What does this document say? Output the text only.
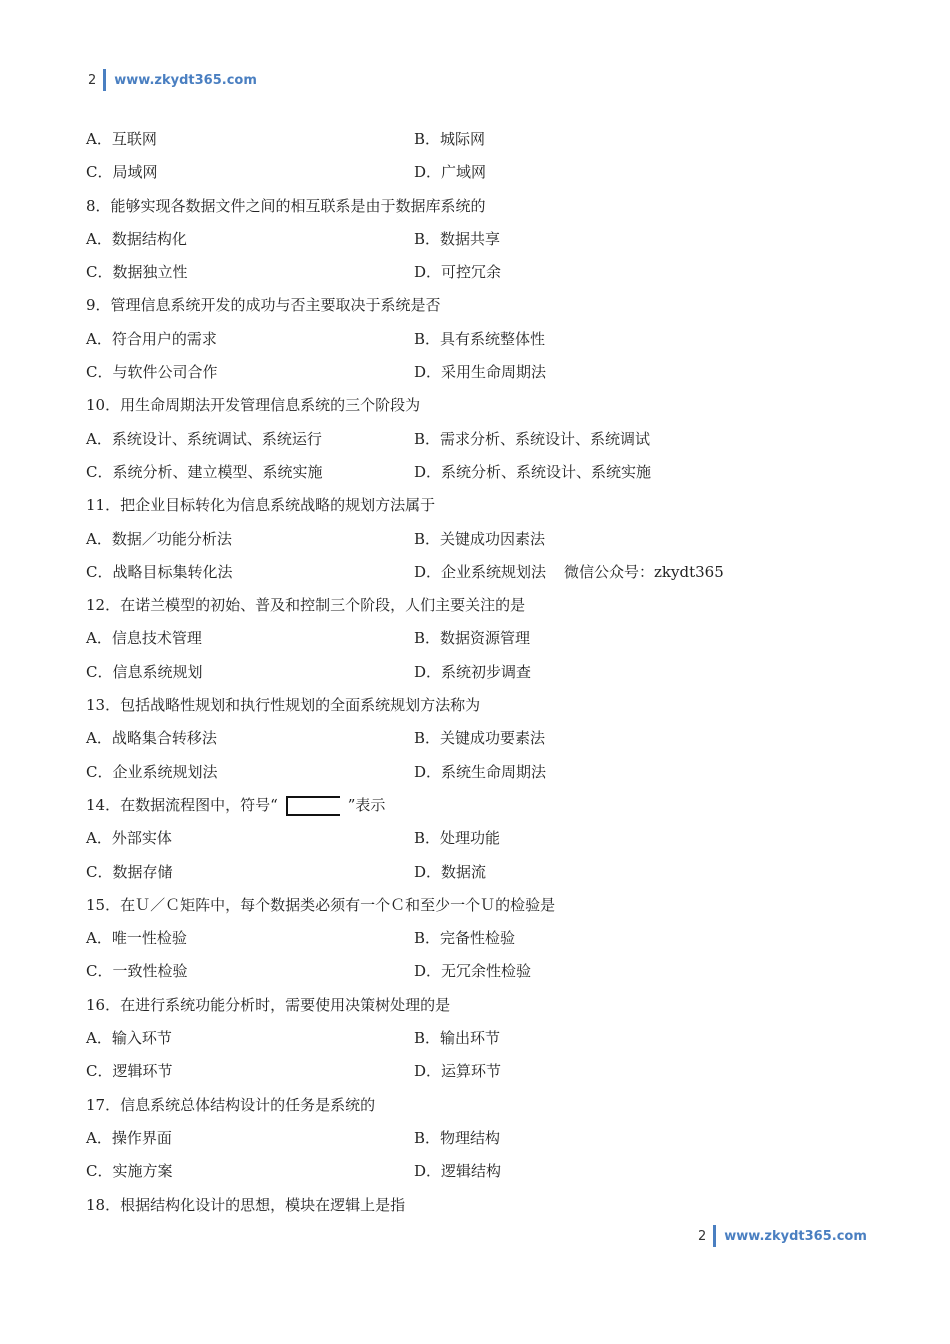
2 www.zkydt365.com
A．互联网	B．城际网
C．局域网	D．广域网
8．能够实现各数据文件之间的相互联系是由于数据库系统的
A．数据结构化	B．数据共享
C．数据独立性	D．可控冗余
9．管理信息系统开发的成功与否主要取决于系统是否
A．符合用户的需求	B．具有系统整体性
C．与软件公司合作	D．采用生命周期法
10．用生命周期法开发管理信息系统的三个阶段为
A．系统设计、系统调试、系统运行	B．需求分析、系统设计、系统调试
C．系统分析、建立模型、系统实施	D．系统分析、系统设计、系统实施
11．把企业目标转化为信息系统战略的规划方法属于
A．数据／功能分析法	B．关键成功因素法
C．战略目标集转化法	D．企业系统规划法 微信公众号：zkydt365
12．在诺兰模型的初始、普及和控制三个阶段，人们主要关注的是
A．信息技术管理	B．数据资源管理
C．信息系统规划	D．系统初步调查
13．包括战略性规划和执行性规划的全面系统规划方法称为
A．战略集合转移法	B．关键成功要素法
C．企业系统规划法	D．系统生命周期法
14．在数据流程图中，符号“	”表示
A．外部实体	B．处理功能
C．数据存储	D．数据流
15．在Ｕ／Ｃ矩阵中，每个数据类必须有一个Ｃ和至少一个Ｕ的检验是
A．唯一性检验	B．完备性检验
C．一致性检验	D．无冗余性检验
16．在进行系统功能分析时，需要使用决策树处理的是
A．输入环节	B．输出环节
C．逻辑环节	D．运算环节
17．信息系统总体结构设计的任务是系统的
A．操作界面	B．物理结构
C．实施方案	D．逻辑结构
18．根据结构化设计的思想，模块在逻辑上是指
2 www.zkydt365.com
